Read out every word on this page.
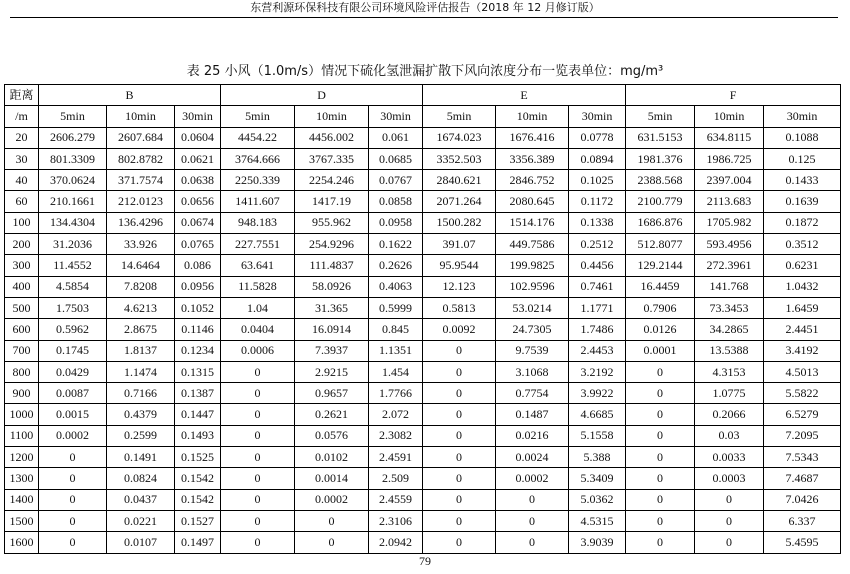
东营利源环保科技有限公司环境风险评估报告（2018 年 12 月修订版）
表 25 小风（1.0m/s）情况下硫化氢泄漏扩散下风向浓度分布一览表单位：mg/m³
距离	B			D			E			F		
/m	5min	10min	30min	5min	10min	30min	5min	10min	30min	5min	10min	30min
20	2606.279	2607.684	0.0604	4454.22	4456.002	0.061	1674.023	1676.416	0.0778	631.5153	634.8115	0.1088
30	801.3309	802.8782	0.0621	3764.666	3767.335	0.0685	3352.503	3356.389	0.0894	1981.376	1986.725	0.125
40	370.0624	371.7574	0.0638	2250.339	2254.246	0.0767	2840.621	2846.752	0.1025	2388.568	2397.004	0.1433
60	210.1661	212.0123	0.0656	1411.607	1417.19	0.0858	2071.264	2080.645	0.1172	2100.779	2113.683	0.1639
100	134.4304	136.4296	0.0674	948.183	955.962	0.0958	1500.282	1514.176	0.1338	1686.876	1705.982	0.1872
200	31.2036	33.926	0.0765	227.7551	254.9296	0.1622	391.07	449.7586	0.2512	512.8077	593.4956	0.3512
300	11.4552	14.6464	0.086	63.641	111.4837	0.2626	95.9544	199.9825	0.4456	129.2144	272.3961	0.6231
400	4.5854	7.8208	0.0956	11.5828	58.0926	0.4063	12.123	102.9596	0.7461	16.4459	141.768	1.0432
500	1.7503	4.6213	0.1052	1.04	31.365	0.5999	0.5813	53.0214	1.1771	0.7906	73.3453	1.6459
600	0.5962	2.8675	0.1146	0.0404	16.0914	0.845	0.0092	24.7305	1.7486	0.0126	34.2865	2.4451
700	0.1745	1.8137	0.1234	0.0006	7.3937	1.1351	0	9.7539	2.4453	0.0001	13.5388	3.4192
800	0.0429	1.1474	0.1315	0	2.9215	1.454	0	3.1068	3.2192	0	4.3153	4.5013
900	0.0087	0.7166	0.1387	0	0.9657	1.7766	0	0.7754	3.9922	0	1.0775	5.5822
1000	0.0015	0.4379	0.1447	0	0.2621	2.072	0	0.1487	4.6685	0	0.2066	6.5279
1100	0.0002	0.2599	0.1493	0	0.0576	2.3082	0	0.0216	5.1558	0	0.03	7.2095
1200	0	0.1491	0.1525	0	0.0102	2.4591	0	0.0024	5.388	0	0.0033	7.5343
1300	0	0.0824	0.1542	0	0.0014	2.509	0	0.0002	5.3409	0	0.0003	7.4687
1400	0	0.0437	0.1542	0	0.0002	2.4559	0	0	5.0362	0	0	7.0426
1500	0	0.0221	0.1527	0	0	2.3106	0	0	4.5315	0	0	6.337
1600	0	0.0107	0.1497	0	0	2.0942	0	0	3.9039	0	0	5.4595
79
